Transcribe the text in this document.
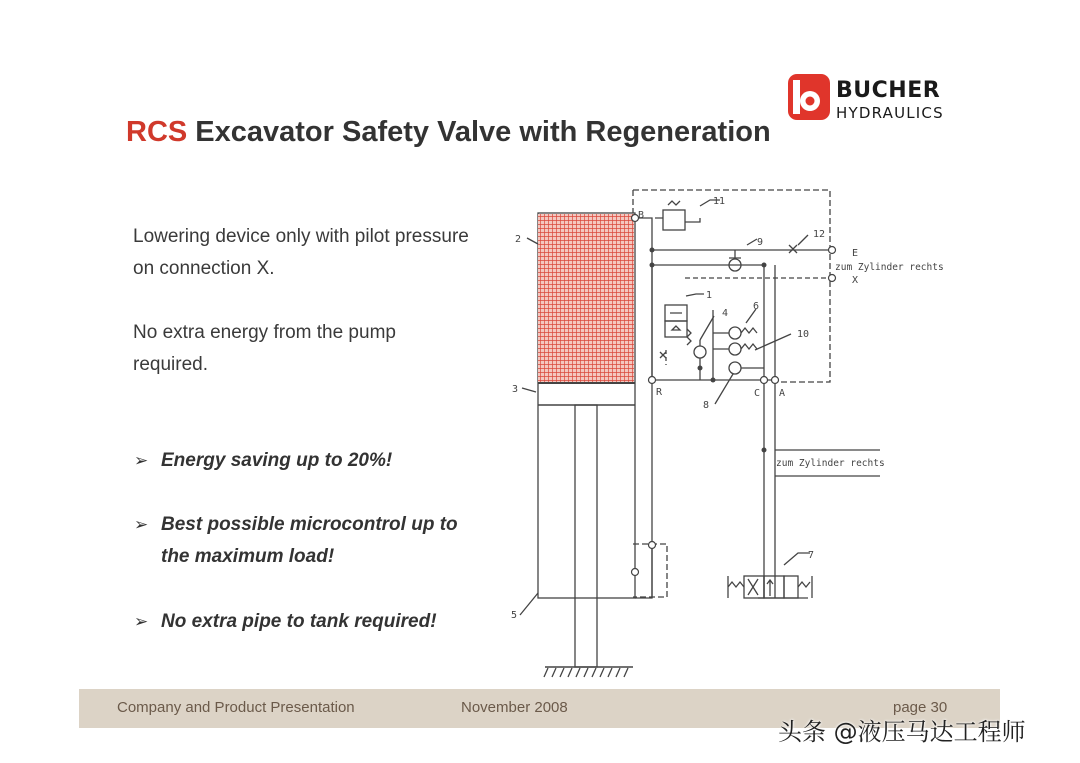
BUCHER
HYDRAULICS
RCS Excavator Safety Valve with Regeneration
Lowering device only with pilot pressure on connection X.
No extra energy from the pump required.
➢ Energy saving up to 20%!
➢ Best possible microcontrol up to the maximum load!
➢ No extra pipe to tank required!
2
3
5
11
9
12
1
4
6
10
8
7
B
E
X
R	C A
zum Zylinder rechts
zum Zylinder rechts
Company and Product Presentation	November 2008	page 30
头条 @液压马达工程师
